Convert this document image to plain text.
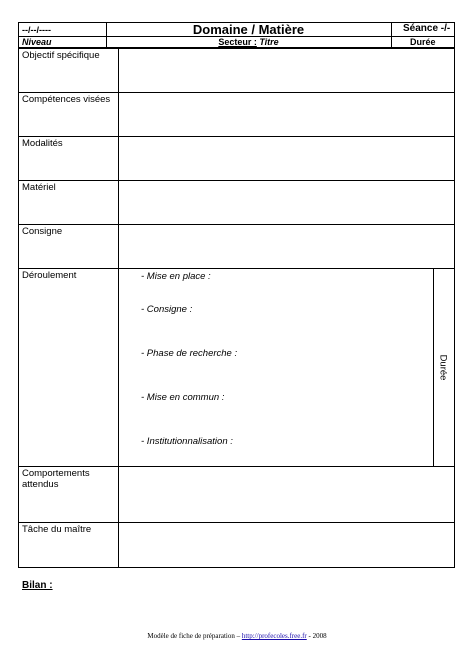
--/--/----	Domaine / Matière	Séance -/-
Niveau	Secteur : Titre	Durée
Objectif spécifique
Compétences visées
Modalités
Matériel
Consigne
Déroulement	- Mise en place :
- Consigne :
- Phase de recherche :
- Mise en commun :
- Institutionnalisation :
Durée
Comportements
attendus
Tâche du maître
Bilan :
Modèle de fiche de préparation – http://profecoles.free.fr - 2008
